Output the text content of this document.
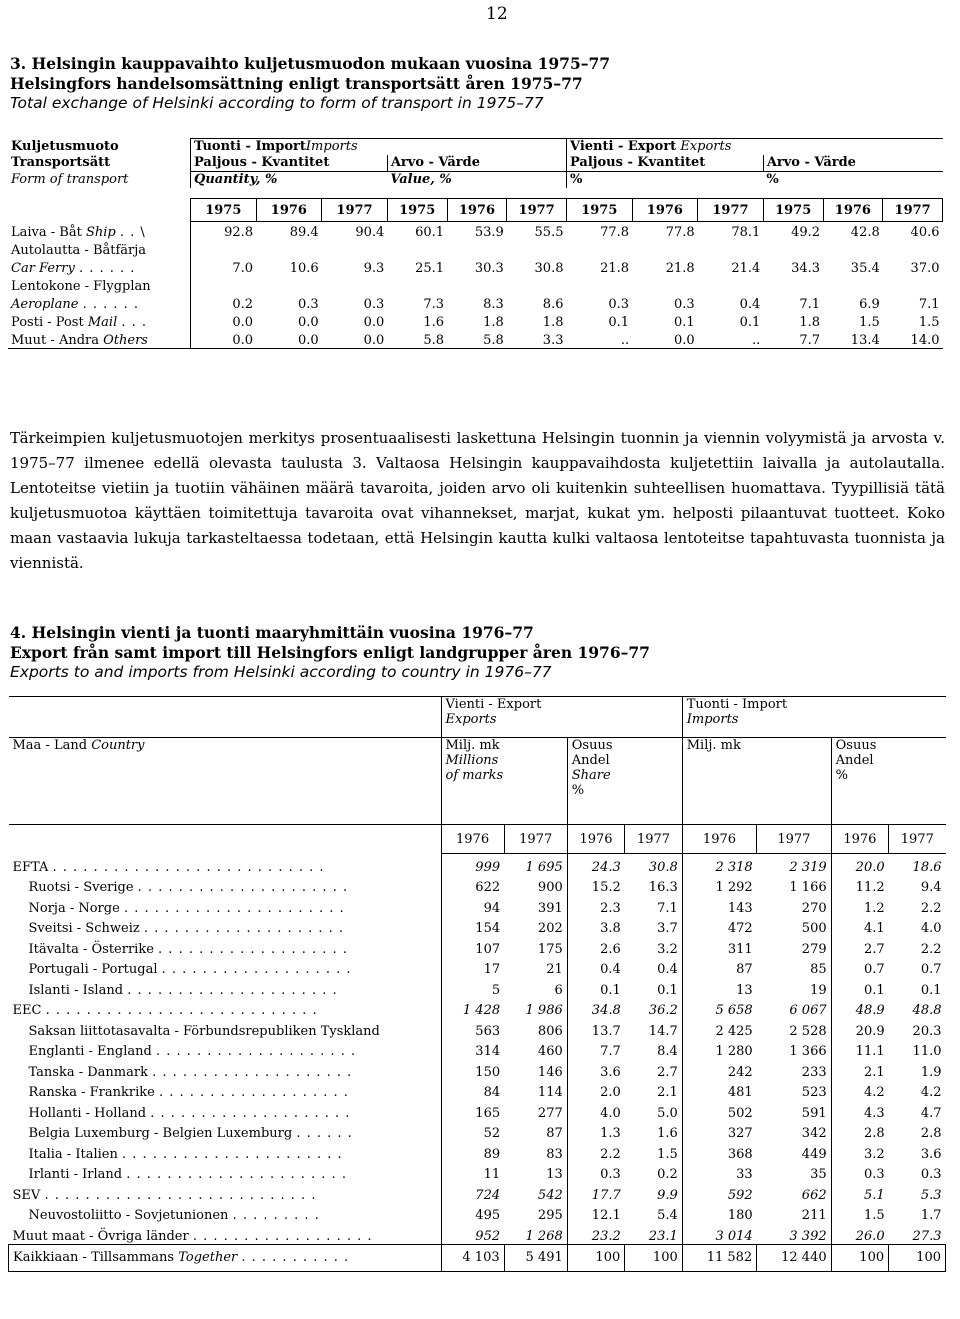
12
3. Helsingin kauppavaihto kuljetusmuodon mukaan vuosina 1975–77
Helsingfors handelsomsättning enligt transportsätt åren 1975–77
Total exchange of Helsinki according to form of transport in 1975–77
Kuljetusmuoto	Tuonti - ImportImports						Vienti - Export Exports					
Transportsätt	Paljous - Kvantitet			Arvo - Värde			Paljous - Kvantitet			Arvo - Värde		
Form of transport	Quantity, %			Value, %			%			%		

	1975	1976	1977	1975	1976	1977	1975	1976	1977	1975	1976	1977
Laiva - Båt Ship . . \	92.8	89.4	90.4	60.1	53.9	55.5	77.8	77.8	78.1	49.2	42.8	40.6
Autolautta - Båtfärja												
Car Ferry . . . . . .	7.0	10.6	9.3	25.1	30.3	30.8	21.8	21.8	21.4	34.3	35.4	37.0
Lentokone - Flygplan												
Aeroplane . . . . . .	0.2	0.3	0.3	7.3	8.3	8.6	0.3	0.3	0.4	7.1	6.9	7.1
Posti - Post Mail . . .	0.0	0.0	0.0	1.6	1.8	1.8	0.1	0.1	0.1	1.8	1.5	1.5
Muut - Andra Others	0.0	0.0	0.0	5.8	5.8	3.3	..	0.0	..	7.7	13.4	14.0

Tärkeimpien kuljetusmuotojen merkitys prosentuaalisesti laskettuna Helsingin tuonnin ja viennin volyymistä ja arvosta v. 1975–77 ilmenee edellä olevasta taulusta 3. Valtaosa Helsingin kauppavaihdosta kuljetettiin laivalla ja autolautalla. Lentoteitse vietiin ja tuotiin vähäinen määrä tavaroita, joiden arvo oli kuitenkin suhteellisen huomattava. Tyypillisiä tätä kuljetusmuotoa käyttäen toimitettuja tavaroita ovat vihannekset, marjat, kukat ym. helposti pilaantuvat tuotteet. Koko maan vastaavia lukuja tarkasteltaessa todetaan, että Helsingin kautta kulki valtaosa lentoteitse tapahtuvasta tuonnista ja viennistä.
4. Helsingin vienti ja tuonti maaryhmittäin vuosina 1976–77
Export från samt import till Helsingfors enligt landgrupper åren 1976–77
Exports to and imports from Helsinki according to country in 1976–77
	Vienti - Export
Exports				Tuonti - Import
Imports			
Maa - Land Country	Milj. mk
Millions
of marks		Osuus
Andel
Share
%		Milj. mk		Osuus
Andel
%	
	1976	1977	1976	1977	1976	1977	1976	1977
EFTA . . . . . . . . . . . . . . . . . . . . . . . . . . .	999	1 695	24.3	30.8	2 318	2 319	20.0	18.6
Ruotsi - Sverige . . . . . . . . . . . . . . . . . . . . .	622	900	15.2	16.3	1 292	1 166	11.2	9.4
Norja - Norge . . . . . . . . . . . . . . . . . . . . . .	94	391	2.3	7.1	143	270	1.2	2.2
Sveitsi - Schweiz . . . . . . . . . . . . . . . . . . . .	154	202	3.8	3.7	472	500	4.1	4.0
Itävalta - Österrike . . . . . . . . . . . . . . . . . . .	107	175	2.6	3.2	311	279	2.7	2.2
Portugali - Portugal . . . . . . . . . . . . . . . . . . .	17	21	0.4	0.4	87	85	0.7	0.7
Islanti - Island . . . . . . . . . . . . . . . . . . . . .	5	6	0.1	0.1	13	19	0.1	0.1
EEC . . . . . . . . . . . . . . . . . . . . . . . . . . .	1 428	1 986	34.8	36.2	5 658	6 067	48.9	48.8
Saksan liittotasavalta - Förbundsrepubliken Tyskland	563	806	13.7	14.7	2 425	2 528	20.9	20.3
Englanti - England . . . . . . . . . . . . . . . . . . . .	314	460	7.7	8.4	1 280	1 366	11.1	11.0
Tanska - Danmark . . . . . . . . . . . . . . . . . . . .	150	146	3.6	2.7	242	233	2.1	1.9
Ranska - Frankrike . . . . . . . . . . . . . . . . . . .	84	114	2.0	2.1	481	523	4.2	4.2
Hollanti - Holland . . . . . . . . . . . . . . . . . . . .	165	277	4.0	5.0	502	591	4.3	4.7
Belgia Luxemburg - Belgien Luxemburg . . . . . .	52	87	1.3	1.6	327	342	2.8	2.8
Italia - Italien . . . . . . . . . . . . . . . . . . . . . .	89	83	2.2	1.5	368	449	3.2	3.6
Irlanti - Irland . . . . . . . . . . . . . . . . . . . . . .	11	13	0.3	0.2	33	35	0.3	0.3
SEV . . . . . . . . . . . . . . . . . . . . . . . . . . .	724	542	17.7	9.9	592	662	5.1	5.3
Neuvostoliitto - Sovjetunionen . . . . . . . . .	495	295	12.1	5.4	180	211	1.5	1.7
Muut maat - Övriga länder . . . . . . . . . . . . . . . . . .	952	1 268	23.2	23.1	3 014	3 392	26.0	27.3
Kaikkiaan - Tillsammans Together . . . . . . . . . . .	4 103	5 491	100	100	11 582	12 440	100	100
